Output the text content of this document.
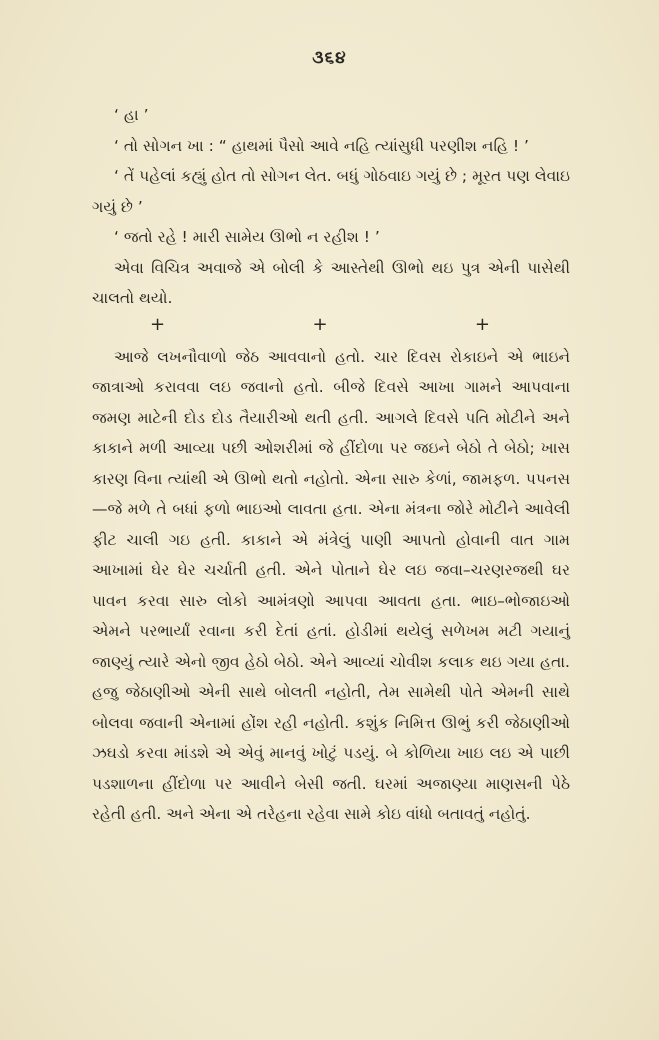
૩૬૪

‘ હા ’

‘ તો સોગન ખા : “ હાથમાં પૈસો આવે નહિ ત્યાંસુધી પરણીશ નહિ ! ’

‘ તેં પહેલાં કહ્યું હોત તો સોગન લેત. બધું ગોઠવાઇ ગયું છે ; મૂરત પણ લેવાઇ ગયું છે ’

‘ જતો રહે ! મારી સામેય ઊભો ન રહીશ ! ’

એવા વિચિત્ર અવાજે એ બોલી કે આસ્તેથી ઊભો થઇ પુત્ર એની પાસેથી ચાલતો થયો.

+	+	+

આજે લખનૌવાળો જેઠ આવવાનો હતો. ચાર દિવસ રોકાઇને એ ભાઇને જાત્રાઓ કરાવવા લઇ જવાનો હતો. બીજે દિવસે આખા ગામને આપવાના જમણ માટેની દોડ દોડ તૈયારીઓ થતી હતી. આગલે દિવસે પતિ મોટીને અને કાકાને મળી આવ્યા પછી ઓશરીમાં જે હીંદોળા પર જઇને બેઠો તે બેઠો; ખાસ કારણ વિના ત્યાંથી એ ઊભો થતો નહોતો. એના સારુ કેળાં, જામફળ. પપનસ—જે મળે તે બધાં ફળો ભાઇઓ લાવતા હતા. એના મંત્રના જોરે મોટીને આવેલી ફીટ ચાલી ગઇ હતી. કાકાને એ મંત્રેલું પાણી આપતો હોવાની વાત ગામ આખામાં ઘેર ઘેર ચર્ચાતી હતી. એને પોતાને ઘેર લઇ જવા–ચરણરજથી ઘર પાવન કરવા સારુ લોકો આમંત્રણો આપવા આવતા હતા. ભાઇ–ભોજાઇઓ એમને પરભાર્યાં રવાના કરી દેતાં હતાં. હોડીમાં થયેલું સળેખમ મટી ગયાનું જાણ્યું ત્યારે એનો જીવ હેઠો બેઠો. એને આવ્યાં ચોવીશ કલાક થઇ ગયા હતા. હજુ જેઠાણીઓ એની સાથે બોલતી નહોતી, તેમ સામેથી પોતે એમની સાથે બોલવા જવાની એનામાં હોંશ રહી નહોતી. કશુંક નિમિત્ત ઊભું કરી જેઠાણીઓ ઝઘડો કરવા માંડશે એ એવું માનવું ખોટું પડયું. બે કોળિયા ખાઇ લઇ એ પાછી પડશાળના હીંદોળા પર આવીને બેસી જતી. ઘરમાં અજાણ્યા માણસની પેઠે રહેતી હતી. અને એના એ તરેહના રહેવા સામે કોઇ વાંધો બતાવતું નહોતું.
